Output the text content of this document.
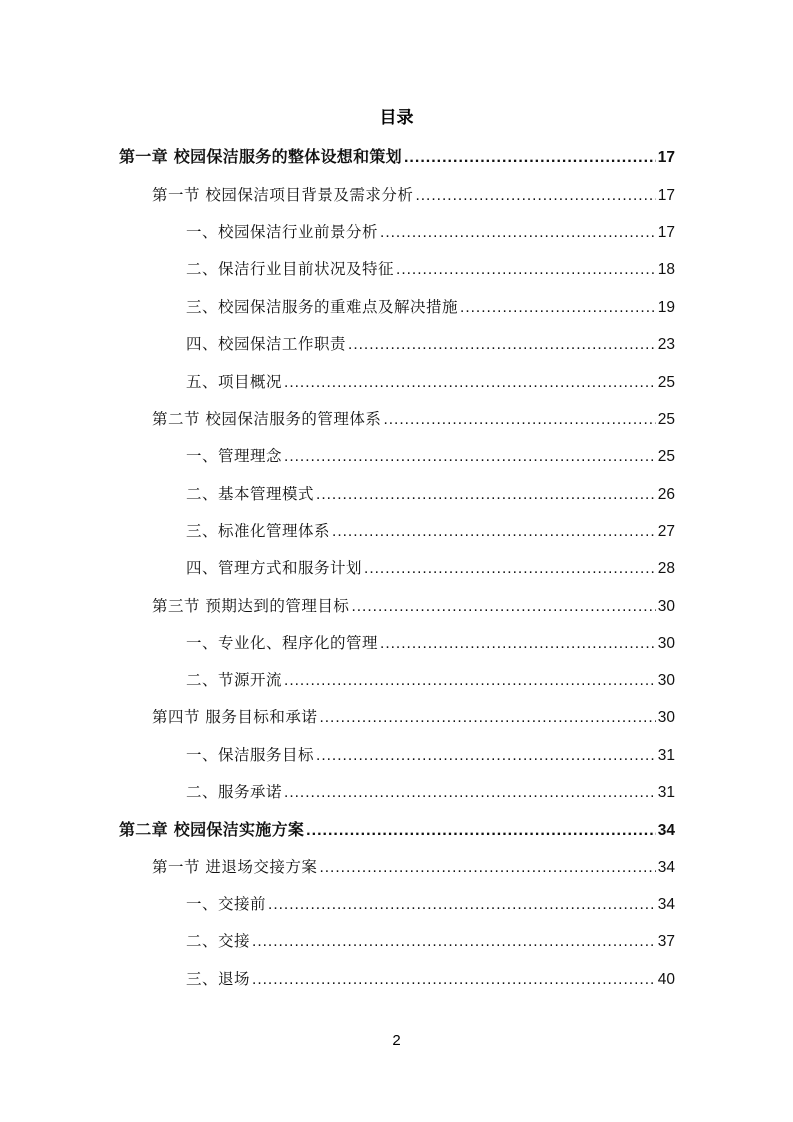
目录
第一章 校园保洁服务的整体设想和策划 .....	17
第一节 校园保洁项目背景及需求分析 .....	17
一、校园保洁行业前景分析 .....	17
二、保洁行业目前状况及特征 .....	18
三、校园保洁服务的重难点及解决措施 .....	19
四、校园保洁工作职责 .....	23
五、项目概况 .....	25
第二节 校园保洁服务的管理体系 .....	25
一、管理理念 .....	25
二、基本管理模式 .....	26
三、标准化管理体系 .....	27
四、管理方式和服务计划 .....	28
第三节 预期达到的管理目标 .....	30
一、专业化、程序化的管理 .....	30
二、节源开流 .....	30
第四节 服务目标和承诺 .....	30
一、保洁服务目标 .....	31
二、服务承诺 .....	31
第二章 校园保洁实施方案 .....	34
第一节 进退场交接方案 .....	34
一、交接前 .....	34
二、交接 .....	37
三、退场 .....	40
2
